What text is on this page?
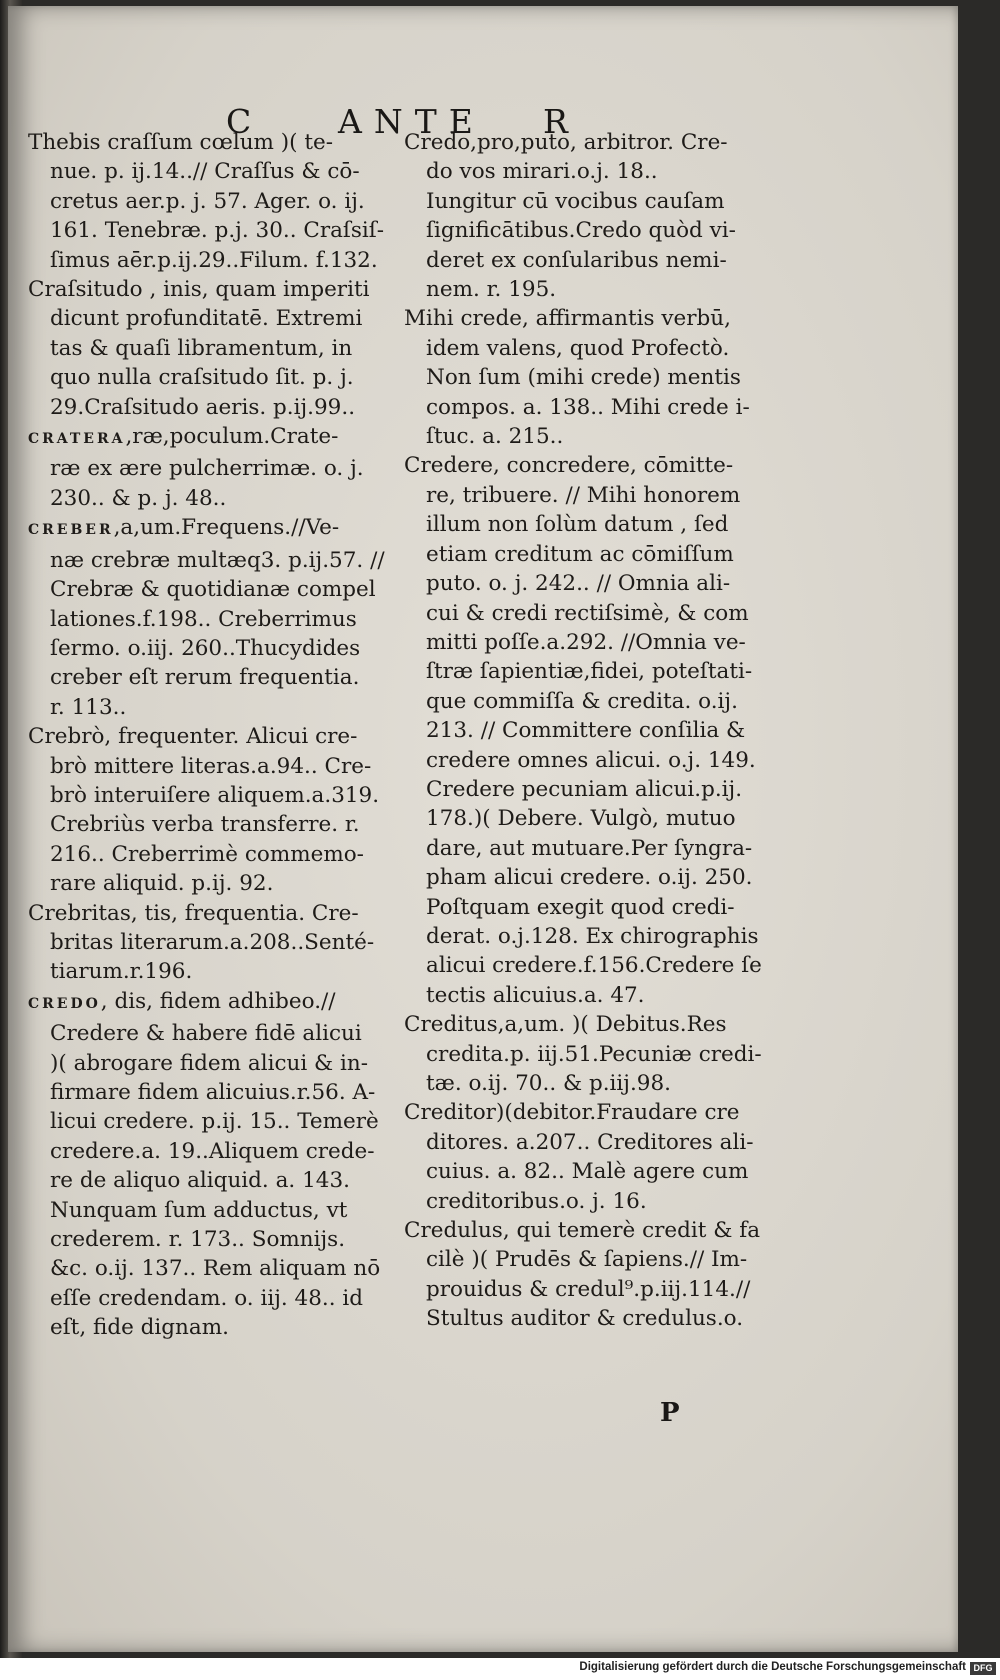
C	ANTE R
Thebis craſſum cœlum )( te-
nue. p. ij.14..// Craſſus & cō-
cretus aer.p. j. 57. Ager. o. ij.
161. Tenebræ. p.j. 30.. Craſsiſ-
ſimus aēr.p.ij.29..Filum. f.132.
Craſsitudo , inis, quam imperiti
dicunt profunditatē. Extremi
tas & quaſi libramentum, in
quo nulla craſsitudo ſit. p. j.
29.Craſsitudo aeris. p.ij.99..
CRATERA,ræ,poculum.Crate-
ræ ex ære pulcherrimæ. o. j.
230.. & p. j. 48..
CREBER,a,um.Frequens.//Ve-
næ crebræ multæq3. p.ij.57. //
Crebræ & quotidianæ compel
lationes.f.198.. Creberrimus
ſermo. o.iij. 260..Thucydides
creber eſt rerum frequentia.
r. 113..
Crebrò, frequenter. Alicui cre-
brò mittere literas.a.94.. Cre-
brò interuiſere aliquem.a.319.
Crebriùs verba transferre. r.
216.. Creberrimè commemo-
rare aliquid. p.ij. 92.
Crebritas, tis, frequentia. Cre-
britas literarum.a.208..Senté-
tiarum.r.196.
CREDO, dis, fidem adhibeo.//
Credere & habere fidē alicui
)( abrogare fidem alicui & in-
firmare fidem alicuius.r.56. A-
licui credere. p.ij. 15.. Temerè
credere.a. 19..Aliquem crede-
re de aliquo aliquid. a. 143.
Nunquam ſum adductus, vt
crederem. r. 173.. Somnijs.
&c. o.ij. 137.. Rem aliquam nō
eſſe credendam. o. iij. 48.. id
eſt, fide dignam.
Credo,pro,puto, arbitror. Cre-
do vos mirari.o.j. 18..
Iungitur cū vocibus cauſam
ſignificātibus.Credo quòd vi-
deret ex conſularibus nemi-
nem. r. 195.
Mihi crede, affirmantis verbū,
idem valens, quod Profectò.
Non ſum (mihi crede) mentis
compos. a. 138.. Mihi crede i-
ſtuc. a. 215..
Credere, concredere, cōmitte-
re, tribuere. // Mihi honorem
illum non ſolùm datum , ſed
etiam creditum ac cōmiſſum
puto. o. j. 242.. // Omnia ali-
cui & credi rectiſsimè, & com
mitti poſſe.a.292. //Omnia ve-
ſtræ ſapientiæ,fidei, poteſtati-
que commiſſa & credita. o.ij.
213. // Committere conſilia &
credere omnes alicui. o.j. 149.
Credere pecuniam alicui.p.ij.
178.)( Debere. Vulgò, mutuo
dare, aut mutuare.Per ſyngra-
pham alicui credere. o.ij. 250.
Poſtquam exegit quod credi-
derat. o.j.128. Ex chirographis
alicui credere.f.156.Credere ſe
tectis alicuius.a. 47.
Creditus,a,um. )( Debitus.Res
credita.p. iij.51.Pecuniæ credi-
tæ. o.ij. 70.. & p.iij.98.
Creditor)(debitor.Fraudare cre
ditores. a.207.. Creditores ali-
cuius. a. 82.. Malè agere cum
creditoribus.o. j. 16.
Credulus, qui temerè credit & fa
cilè )( Prudēs & ſapiens.// Im-
prouidus & credul⁹.p.iij.114.//
Stultus auditor & credulus.o.
P
Digitalisierung gefördert durch die Deutsche Forschungsgemeinschaft DFG
